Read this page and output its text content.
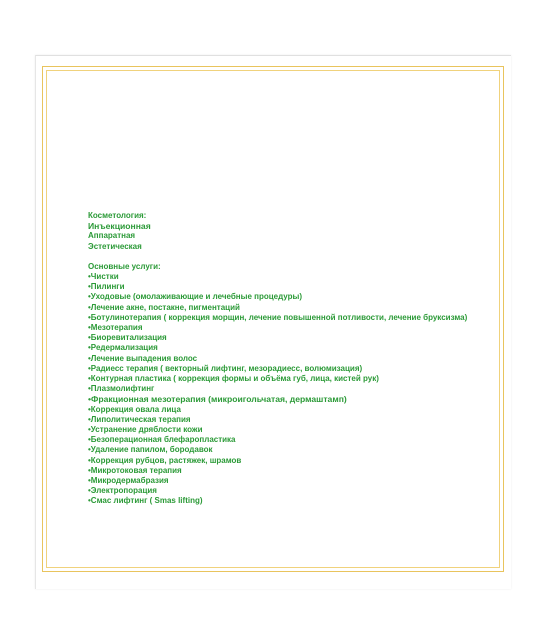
Косметология:
Инъекционная
Аппаратная
Эстетическая
Основные услуги:
•Чистки
•Пилинги
•Уходовые (омолаживающие и лечебные процедуры)
•Лечение акне, постакне, пигментаций
•Ботулинотерапия ( коррекция морщин, лечение повышенной потливости, лечение бруксизма)
•Мезотерапия
•Биоревитализация
•Редермализация
•Лечение выпадения волос
•Радиесс терапия ( векторный лифтинг, мезорадиесс, волюмизация)
•Контурная пластика ( коррекция формы и объёма губ, лица, кистей рук)
•Плазмолифтинг
•Фракционная мезотерапия (микроигольчатая, дермаштамп)
•Коррекция овала лица
•Липолитическая терапия
•Устранение дряблости кожи
•Безоперационная блефаропластика
•Удаление папилом, бородавок
•Коррекция рубцов, растяжек, шрамов
•Микротоковая терапия
•Микродермабразия
•Электропорация
•Смас лифтинг ( Smas lifting)
